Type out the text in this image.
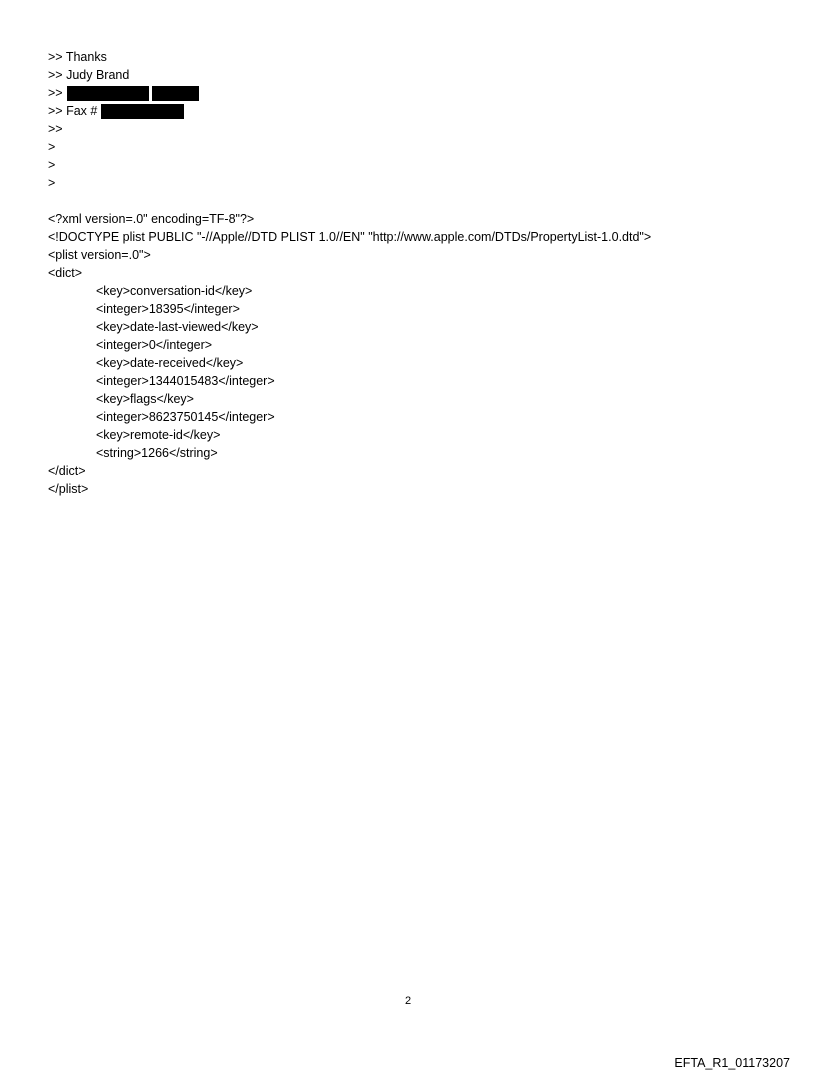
>> Thanks
>> Judy Brand
>>
>> Fax #
>>
>
>
>
<?xml version=.0" encoding=TF-8"?>
<!DOCTYPE plist PUBLIC "-//Apple//DTD PLIST 1.0//EN" "http://www.apple.com/DTDs/PropertyList-1.0.dtd">
<plist version=.0">
<dict>
<key>conversation-id</key>
<integer>18395</integer>
<key>date-last-viewed</key>
<integer>0</integer>
<key>date-received</key>
<integer>1344015483</integer>
<key>flags</key>
<integer>8623750145</integer>
<key>remote-id</key>
<string>1266</string>
</dict>
</plist>
2
EFTA_R1_01173207
